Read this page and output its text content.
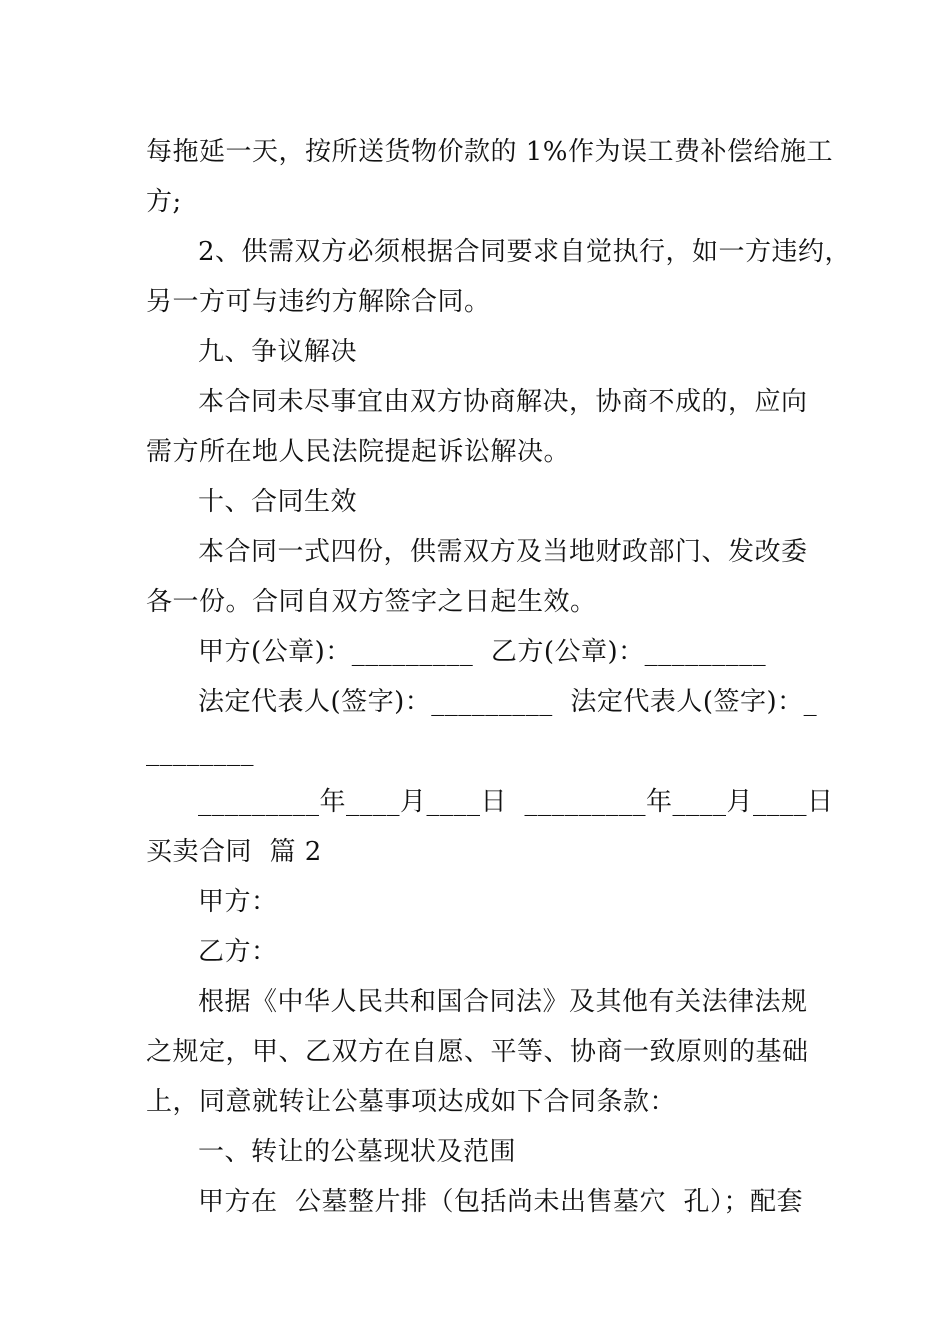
每拖延一天，按所送货物价款的 1%作为误工费补偿给施工
方;
2、供需双方必须根据合同要求自觉执行，如一方违约，
另一方可与违约方解除合同。
九、争议解决
本合同未尽事宜由双方协商解决，协商不成的，应向
需方所在地人民法院提起诉讼解决。
十、合同生效
本合同一式四份，供需双方及当地财政部门、发改委
各一份。合同自双方签字之日起生效。
甲方(公章)：_________  乙方(公章)：_________
法定代表人(签字)：_________  法定代表人(签字)：_
________
_________年____月____日  _________年____月____日
买卖合同  篇 2
甲方：
乙方：
根据《中华人民共和国合同法》及其他有关法律法规
之规定，甲、乙双方在自愿、平等、协商一致原则的基础
上，同意就转让公墓事项达成如下合同条款：
一、转让的公墓现状及范围
甲方在  公墓整片排（包括尚未出售墓穴  孔）；配套
